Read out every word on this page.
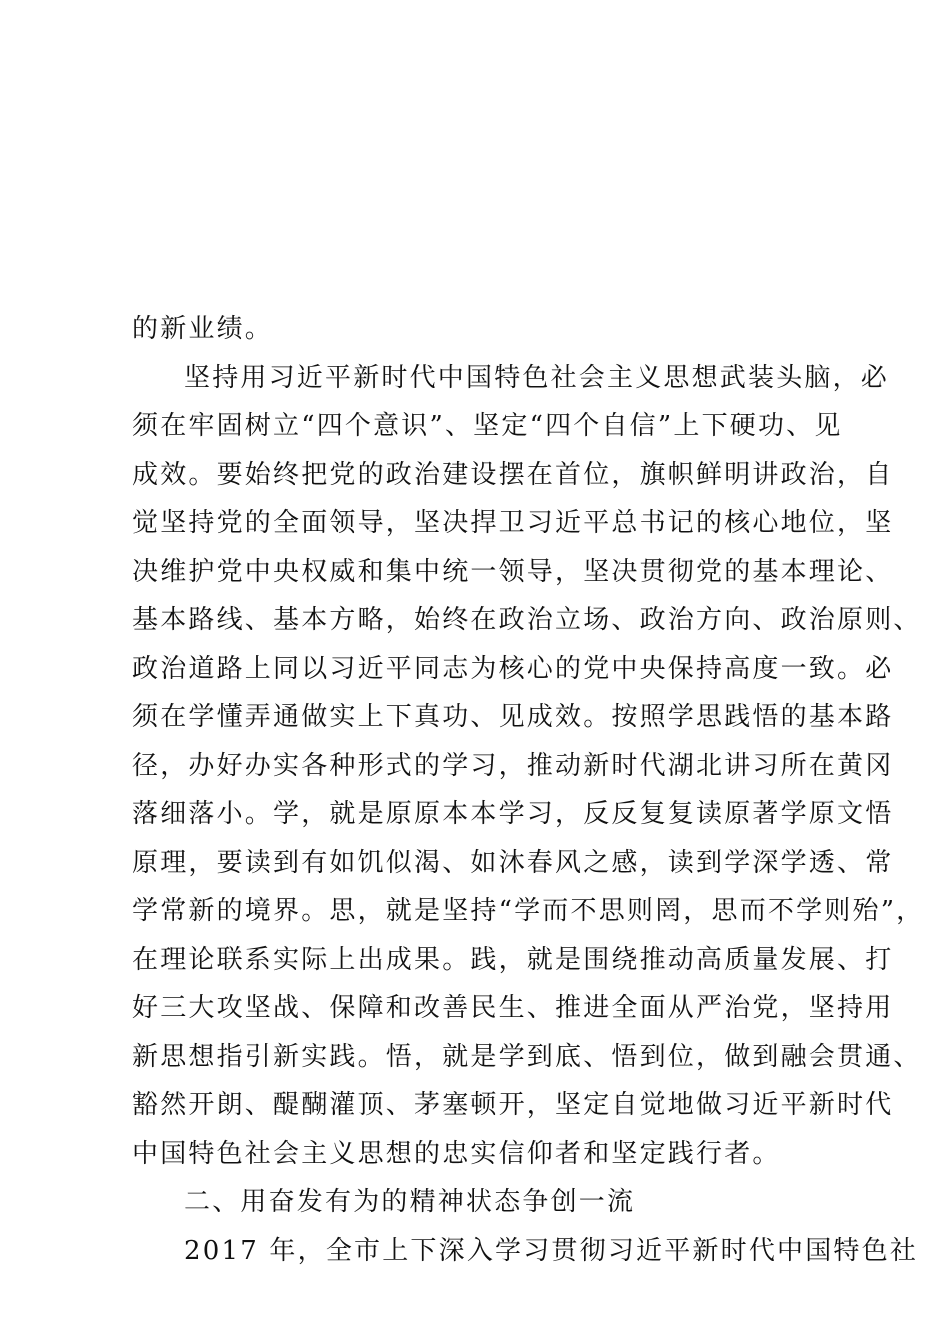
的新业绩。
坚持用习近平新时代中国特色社会主义思想武装头脑，必
须在牢固树立“四个意识”、坚定“四个自信”上下硬功、见
成效。要始终把党的政治建设摆在首位，旗帜鲜明讲政治，自
觉坚持党的全面领导，坚决捍卫习近平总书记的核心地位，坚
决维护党中央权威和集中统一领导，坚决贯彻党的基本理论、
基本路线、基本方略，始终在政治立场、政治方向、政治原则、
政治道路上同以习近平同志为核心的党中央保持高度一致。必
须在学懂弄通做实上下真功、见成效。按照学思践悟的基本路
径，办好办实各种形式的学习，推动新时代湖北讲习所在黄冈
落细落小。学，就是原原本本学习，反反复复读原著学原文悟
原理，要读到有如饥似渴、如沐春风之感，读到学深学透、常
学常新的境界。思，就是坚持“学而不思则罔，思而不学则殆”，
在理论联系实际上出成果。践，就是围绕推动高质量发展、打
好三大攻坚战、保障和改善民生、推进全面从严治党，坚持用
新思想指引新实践。悟，就是学到底、悟到位，做到融会贯通、
豁然开朗、醍醐灌顶、茅塞顿开，坚定自觉地做习近平新时代
中国特色社会主义思想的忠实信仰者和坚定践行者。
二、用奋发有为的精神状态争创一流
2017 年，全市上下深入学习贯彻习近平新时代中国特色社
